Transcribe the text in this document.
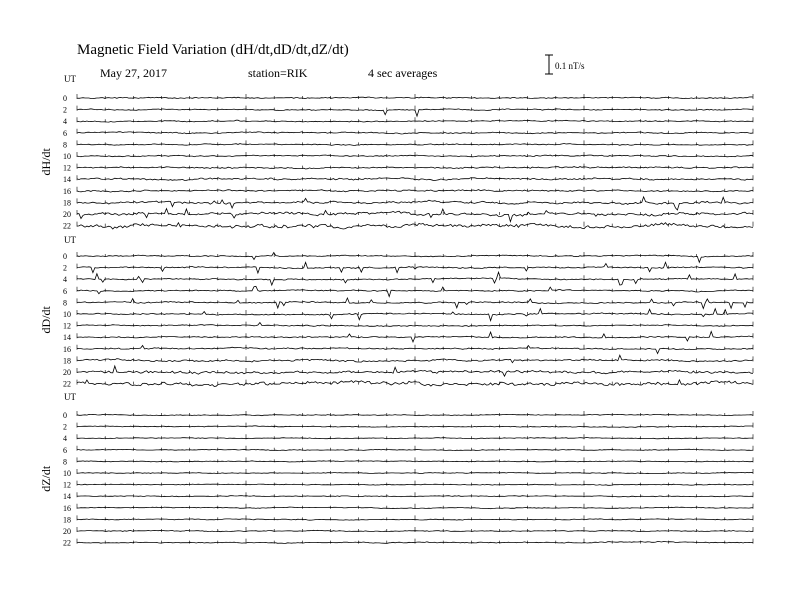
Magnetic Field Variation (dH/dt,dD/dt,dZ/dt)
May 27, 2017	station=RIK	4 sec averages	0.1 nT/s
UT
dH/dt
0
2
4
6
8
10
12
14
16
18
20
22
UT
dD/dt
0
2
4
6
8
10
12
14
16
18
20
22
UT
dZ/dt
0
2
4
6
8
10
12
14
16
18
20
22
